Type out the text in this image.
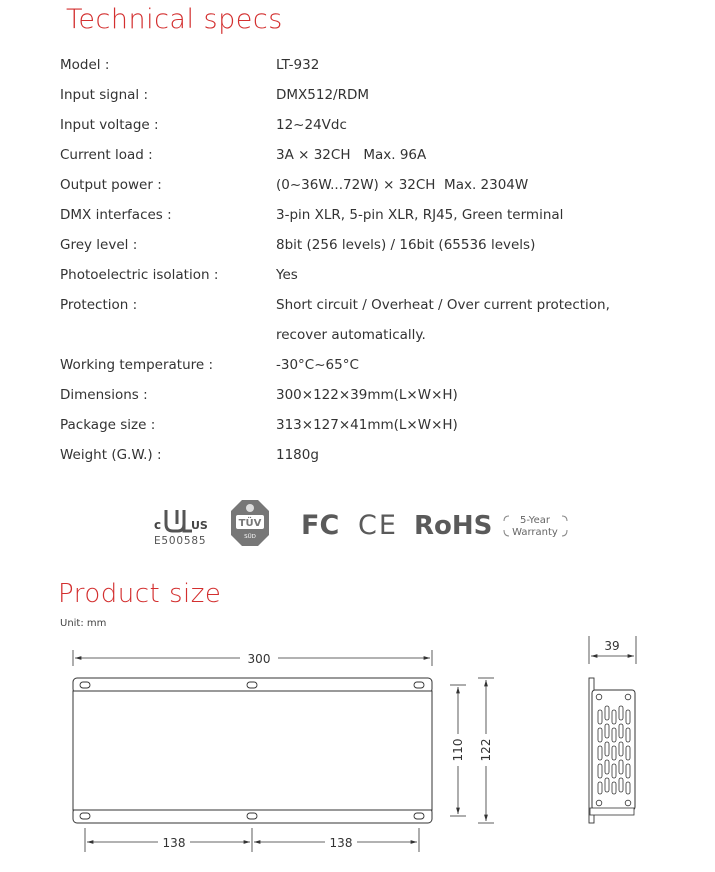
Technical specs
Model :	LT-932
Input signal :	DMX512/RDM
Input voltage :	12~24Vdc
Current load :	3A × 32CH   Max. 96A
Output power :	(0~36W...72W) × 32CH  Max. 2304W
DMX interfaces :	3-pin XLR, 5-pin XLR, RJ45, Green terminal
Grey level :	8bit (256 levels) / 16bit (65536 levels)
Photoelectric isolation :	Yes
Protection :	Short circuit / Overheat / Over current protection,
recover automatically.
Working temperature :	-30°C~65°C
Dimensions :	300×122×39mm(L×W×H)
Package size :	313×127×41mm(L×W×H)
Weight (G.W.) :	1180g
c	US
E500585
TÜV
SÜD FC CE RoHS	5-Year
Warranty
Product size
Unit: mm
300
110 122
138	138
39
